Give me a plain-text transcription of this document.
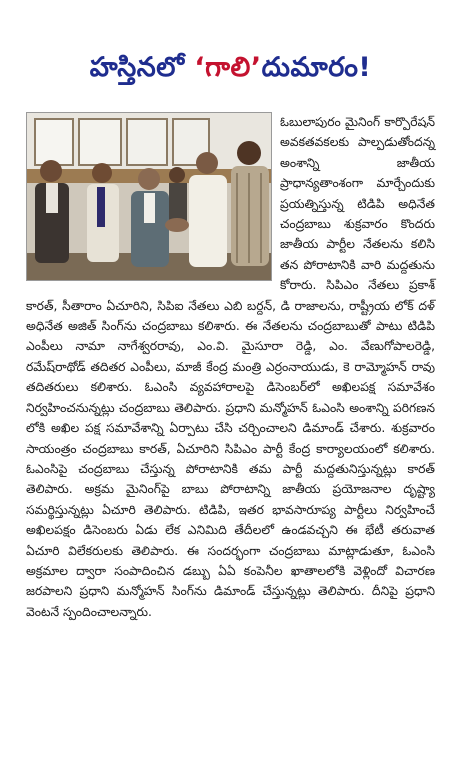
హస్తినలో ‘గాలి’దుమారం!

ఓబులాపురం మైనింగ్ కార్పొరేషన్ అవకతవకలకు పాల్పడుతోందన్న అంశాన్ని జాతీయ ప్రాధాన్యతాంశంగా మార్చేందుకు ప్రయత్నిస్తున్న టిడిపి అధినేత చంద్రబాబు శుక్రవారం కొందరు జాతీయ పార్టీల నేతలను కలిసి తన పోరాటానికి వారి మద్దతును కోరారు. సిపిఎం నేతలు ప్రకాశ్ కారత్, సీతారాం ఏచూరిని, సిపిఐ నేతలు ఎబి బర్దన్, డి రాజాలను, రాష్ట్రీయ లోక్ దళ్ అధినేత అజిత్ సింగ్‌ను చంద్రబాబు కలిశారు. ఈ నేతలను చంద్రబాబుతో పాటు టిడిపి ఎంపీలు నామా నాగేశ్వరరావు, ఎం.వి. మైసూరా రెడ్డి, ఎం. వేణుగోపాలరెడ్డి, రమేష్‌రాథోడ్ తదితర ఎంపీలు, మాజీ కేంద్ర మంత్రి ఎర్రంనాయుడు, కె రామ్మోహన్ రావు తదితరులు కలిశారు. ఓఎంసి వ్యవహారాలపై డిసెంబర్‌లో అఖిలపక్ష సమావేశం నిర్వహించనున్నట్లు చంద్రబాబు తెలిపారు. ప్రధాని మన్మోహన్ ఓఎంసి అంశాన్ని పరిగణన లోకి అఖిల పక్ష సమావేశాన్ని ఏర్పాటు చేసి చర్చించాలని డిమాండ్ చేశారు. శుక్రవారం సాయంత్రం చంద్రబాబు కారత్, ఏచూరిని సిపిఎం పార్టీ కేంద్ర కార్యాలయంలో కలిశారు. ఓఎంసిపై చంద్రబాబు చేస్తున్న పోరాటానికి తమ పార్టీ మద్దతునిస్తున్నట్లు కారత్ తెలిపారు. అక్రమ మైనింగ్‌పై బాబు పోరాటాన్ని జాతీయ ప్రయోజనాల దృష్ట్యా సమర్థిస్తున్నట్లు ఏచూరి తెలిపారు. టిడిపి, ఇతర భావసారూప్య పార్టీలు నిర్వహించే అఖిలపక్షం డిసెంబరు ఏడు లేక ఎనిమిది తేదీలలో ఉండవచ్చని ఈ భేటీ తరువాత ఏచూరి విలేకరులకు తెలిపారు. ఈ సందర్భంగా చంద్రబాబు మాట్లాడుతూ, ఓఎంసి అక్రమాల ద్వారా సంపాదించిన డబ్బు ఏఏ కంపెనీల ఖాతాలలోకి వెళ్లిందో విచారణ జరపాలని ప్రధాని మన్మోహన్ సింగ్‌ను డిమాండ్ చేస్తున్నట్లు తెలిపారు. దీనిపై ప్రధాని వెంటనే స్పందించాలన్నారు.
